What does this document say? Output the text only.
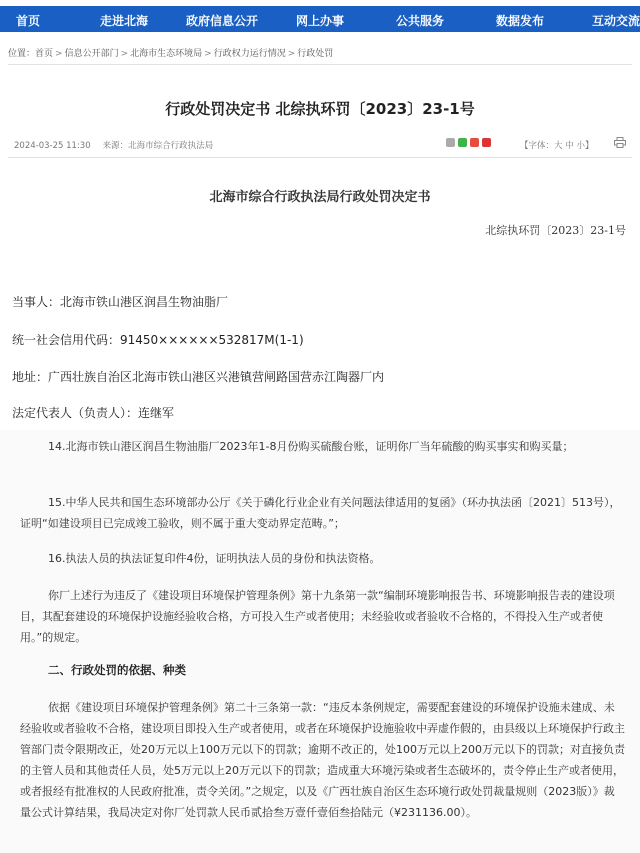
首页	走进北海	政府信息公开	网上办事	公共服务	数据发布	互动交流
位置：首页 > 信息公开部门 > 北海市生态环境局 > 行政权力运行情况 > 行政处罚
行政处罚决定书 北综执环罚〔2023〕23-1号
2024-03-25 11:30 来源：北海市综合行政执法局	【字体：大 中 小】
北海市综合行政执法局行政处罚决定书
北综执环罚〔2023〕23-1号
当事人：北海市铁山港区润昌生物油脂厂
统一社会信用代码：91450××××××532817M(1-1)
地址：广西壮族自治区北海市铁山港区兴港镇营闸路国营赤江陶器厂内
法定代表人（负责人）：连继军
14.北海市铁山港区润昌生物油脂厂2023年1-8月份购买硫酸台账，证明你厂当年硫酸的购买事实和购买量；
15.中华人民共和国生态环境部办公厅《关于磷化行业企业有关问题法律适用的复函》（环办执法函〔2021〕513号），证明“如建设项目已完成竣工验收，则不属于重大变动界定范畴。”；
16.执法人员的执法证复印件4份，证明执法人员的身份和执法资格。
你厂上述行为违反了《建设项目环境保护管理条例》第十九条第一款“编制环境影响报告书、环境影响报告表的建设项目，其配套建设的环境保护设施经验收合格，方可投入生产或者使用；未经验收或者验收不合格的，不得投入生产或者使用。”的规定。
二、行政处罚的依据、种类
依据《建设项目环境保护管理条例》第二十三条第一款：“违反本条例规定，需要配套建设的环境保护设施未建成、未经验收或者验收不合格，建设项目即投入生产或者使用，或者在环境保护设施验收中弄虚作假的，由县级以上环境保护行政主管部门责令限期改正，处20万元以上100万元以下的罚款；逾期不改正的，处100万元以上200万元以下的罚款；对直接负责的主管人员和其他责任人员，处5万元以上20万元以下的罚款；造成重大环境污染或者生态破坏的，责令停止生产或者使用，或者报经有批准权的人民政府批准，责令关闭。”之规定，以及《广西壮族自治区生态环境行政处罚裁量规则（2023版）》裁量公式计算结果，我局决定对你厂处罚款人民币贰拾叁万壹仟壹佰叁拾陆元（¥231136.00）。
